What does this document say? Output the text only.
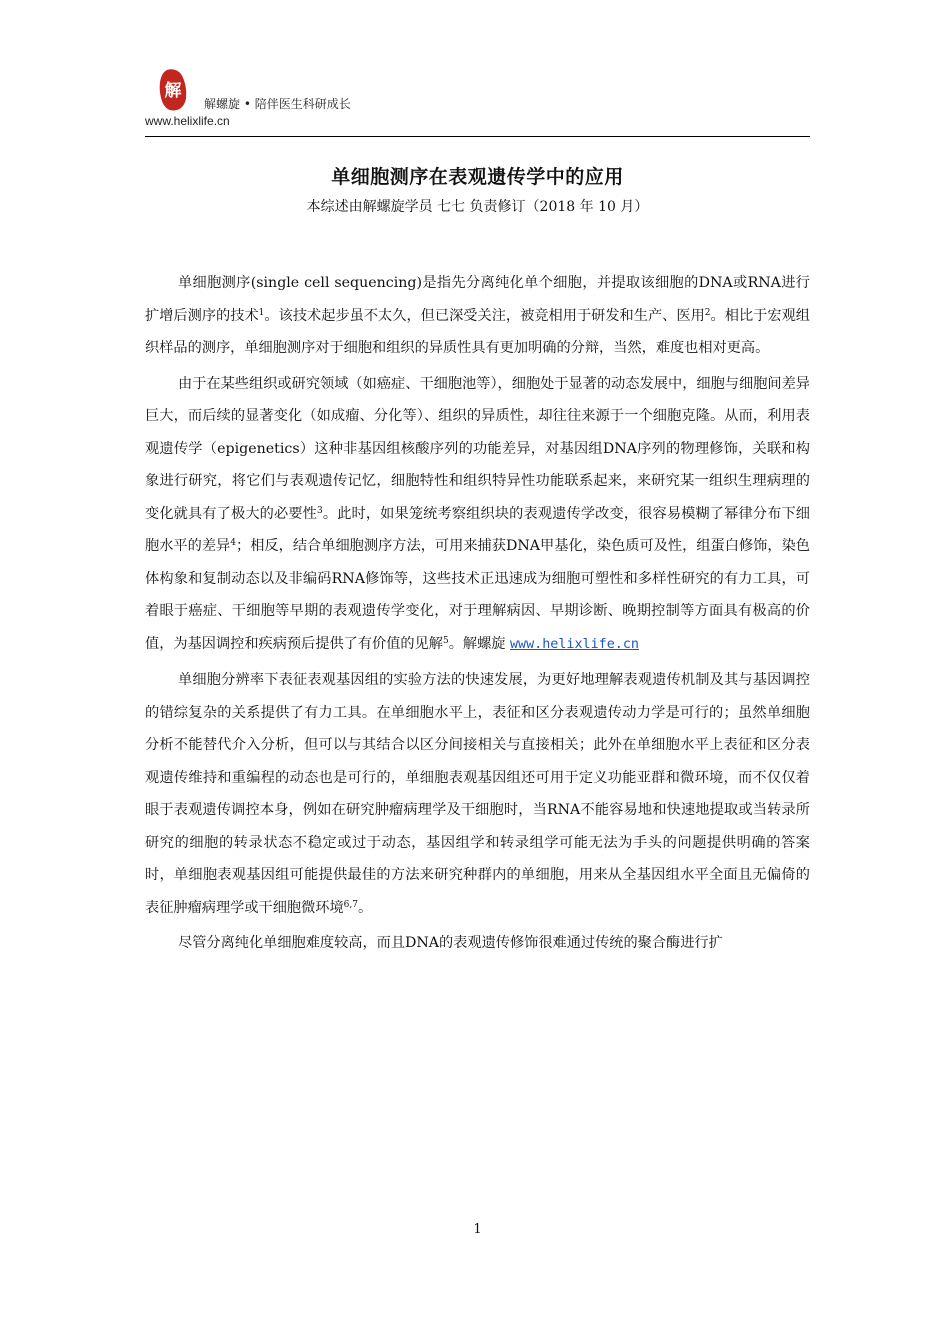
解
解螺旋 • 陪伴医生科研成长
www.helixlife.cn
单细胞测序在表观遗传学中的应用
本综述由解螺旋学员 七七 负责修订（2018 年 10 月）

单细胞测序(single cell sequencing)是指先分离纯化单个细胞，并提取该细胞的DNA或RNA进行扩增后测序的技术$^1$。该技术起步虽不太久，但已深受关注，被竞相用于研发和生产、医用$^2$。相比于宏观组织样品的测序，单细胞测序对于细胞和组织的异质性具有更加明确的分辩，当然，难度也相对更高。

由于在某些组织或研究领域（如癌症、干细胞池等），细胞处于显著的动态发展中，细胞与细胞间差异巨大，而后续的显著变化（如成瘤、分化等）、组织的异质性，却往往来源于一个细胞克隆。从而，利用表观遗传学（epigenetics）这种非基因组核酸序列的功能差异，对基因组DNA序列的物理修饰，关联和构象进行研究，将它们与表观遗传记忆，细胞特性和组织特异性功能联系起来，来研究某一组织生理病理的变化就具有了极大的必要性$^3$。此时，如果笼统考察组织块的表观遗传学改变，很容易模糊了幂律分布下细胞水平的差异$^4$；相反，结合单细胞测序方法，可用来捕获DNA甲基化，染色质可及性，组蛋白修饰，染色体构象和复制动态以及非编码RNA修饰等，这些技术正迅速成为细胞可塑性和多样性研究的有力工具，可着眼于癌症、干细胞等早期的表观遗传学变化，对于理解病因、早期诊断、晚期控制等方面具有极高的价值，为基因调控和疾病预后提供了有价值的见解$^5$。解螺旋 www.helixlife.cn

单细胞分辨率下表征表观基因组的实验方法的快速发展，为更好地理解表观遗传机制及其与基因调控的错综复杂的关系提供了有力工具。在单细胞水平上，表征和区分表观遗传动力学是可行的；虽然单细胞分析不能替代介入分析，但可以与其结合以区分间接相关与直接相关；此外在单细胞水平上表征和区分表观遗传维持和重编程的动态也是可行的，单细胞表观基因组还可用于定义功能亚群和微环境，而不仅仅着眼于表观遗传调控本身，例如在研究肿瘤病理学及干细胞时，当RNA不能容易地和快速地提取或当转录所研究的细胞的转录状态不稳定或过于动态，基因组学和转录组学可能无法为手头的问题提供明确的答案时，单细胞表观基因组可能提供最佳的方法来研究种群内的单细胞，用来从全基因组水平全面且无偏倚的表征肿瘤病理学或干细胞微环境$^{6,7}$。

尽管分离纯化单细胞难度较高，而且DNA的表观遗传修饰很难通过传统的聚合酶进行扩

1
